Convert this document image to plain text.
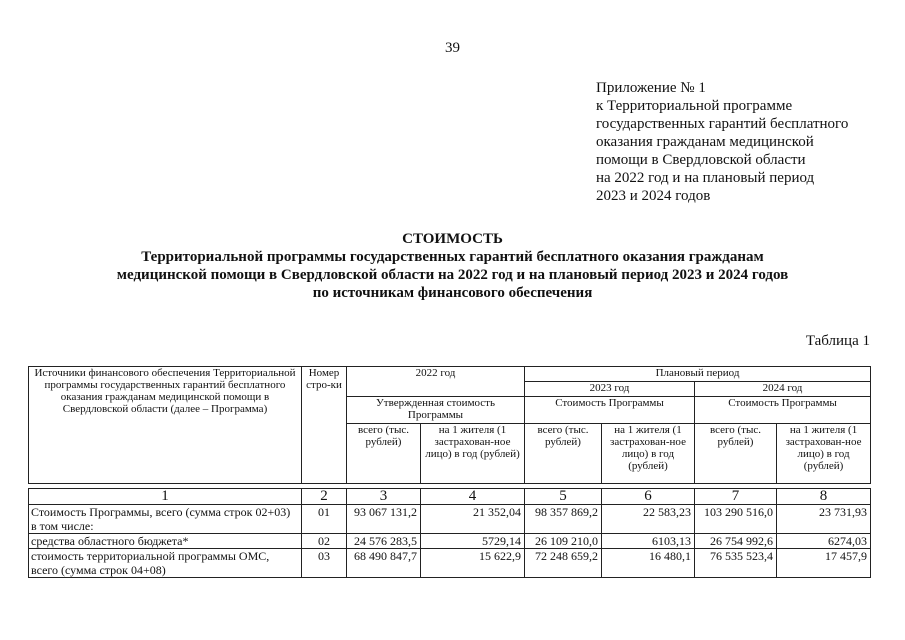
39
Приложение № 1
к Территориальной программе
государственных гарантий бесплатного
оказания гражданам медицинской
помощи в Свердловской области
на 2022 год и на плановый период
2023 и 2024 годов
СТОИМОСТЬ
Территориальной программы государственных гарантий бесплатного оказания гражданам
медицинской помощи в Свердловской области на 2022 год и на плановый период 2023 и 2024 годов
по источникам финансового обеспечения
Таблица 1
Источники финансового обеспечения Территориальной программы государственных гарантий бесплатного оказания гражданам медицинской помощи в Свердловской области (далее – Программа)	Номер стро-ки	2022 год		Плановый период			
				2023 год		2024 год	
		Утвержденная стоимость Программы		Стоимость Программы		Стоимость Программы	
		всего (тыс. рублей)	на 1 жителя (1 застрахован-ное лицо) в год (рублей)	всего (тыс. рублей)	на 1 жителя (1 застрахован-ное лицо) в год (рублей)	всего (тыс. рублей)	на 1 жителя (1 застрахован-ное лицо) в год (рублей)

1	2	3	4	5	6	7	8

Стоимость Программы, всего (сумма строк 02+03)
в том числе:	01	93 067 131,2	21 352,04	98 357 869,2	22 583,23	103 290 516,0	23 731,93
средства областного бюджета*	02	24 576 283,5	5729,14	26 109 210,0	6103,13	26 754 992,6	6274,03
стоимость территориальной программы ОМС, всего (сумма строк 04+08)	03	68 490 847,7	15 622,9	72 248 659,2	16 480,1	76 535 523,4	17 457,9
